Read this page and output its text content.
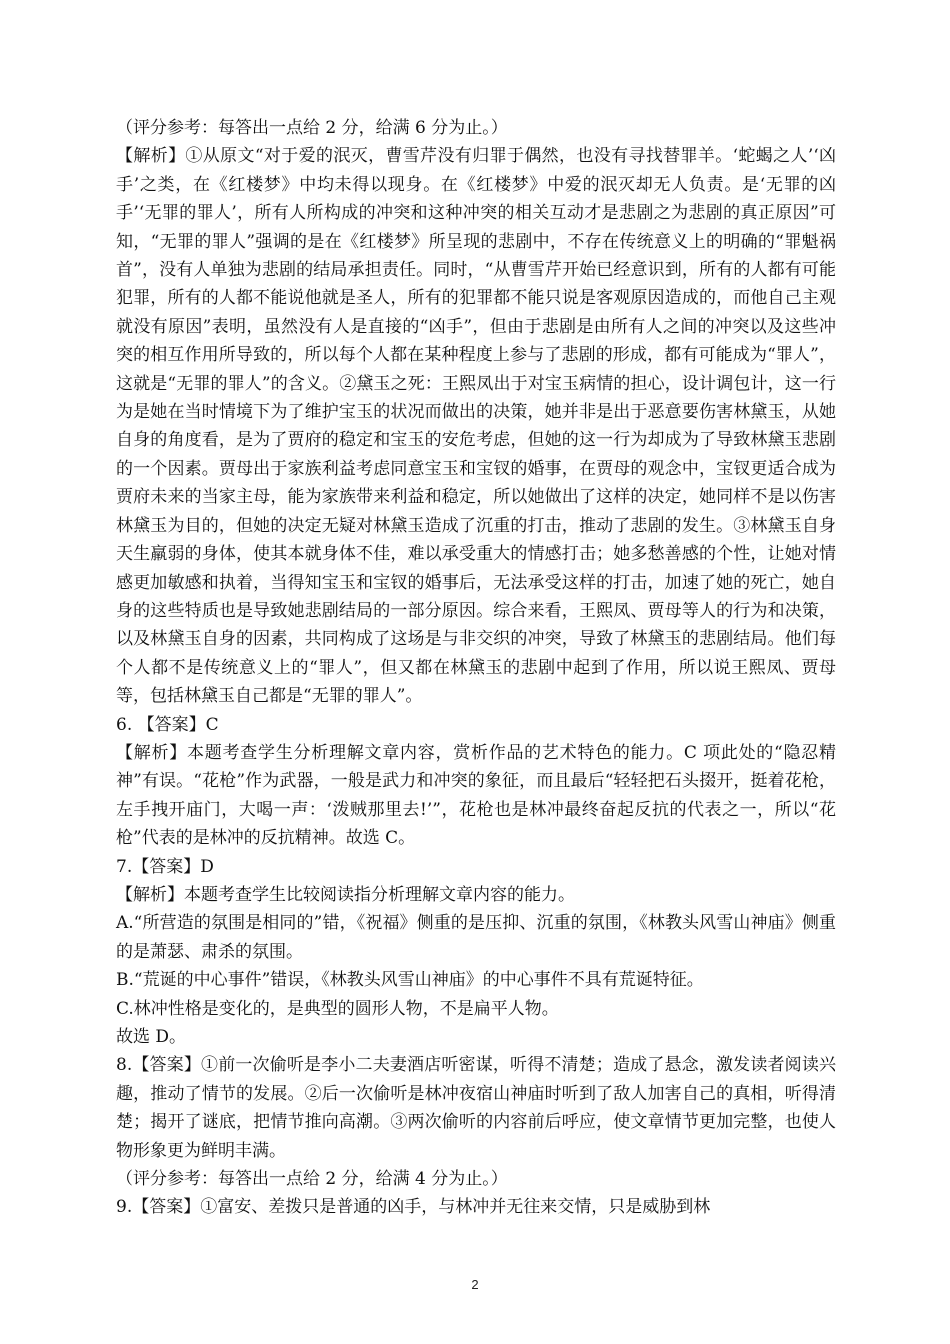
（评分参考：每答出一点给 2 分，给满 6 分为止。）

【解析】①从原文“对于爱的泯灭，曹雪芹没有归罪于偶然，也没有寻找替罪羊。‘蛇蝎之人’‘凶手’之类，在《红楼梦》中均未得以现身。在《红楼梦》中爱的泯灭却无人负责。是‘无罪的凶手’‘无罪的罪人’，所有人所构成的冲突和这种冲突的相关互动才是悲剧之为悲剧的真正原因”可知，“无罪的罪人”强调的是在《红楼梦》所呈现的悲剧中，不存在传统意义上的明确的“罪魁祸首”，没有人单独为悲剧的结局承担责任。同时，“从曹雪芹开始已经意识到，所有的人都有可能犯罪，所有的人都不能说他就是圣人，所有的犯罪都不能只说是客观原因造成的，而他自己主观就没有原因”表明，虽然没有人是直接的“凶手”，但由于悲剧是由所有人之间的冲突以及这些冲突的相互作用所导致的，所以每个人都在某种程度上参与了悲剧的形成，都有可能成为“罪人”，这就是“无罪的罪人”的含义。②黛玉之死：王熙凤出于对宝玉病情的担心，设计调包计，这一行为是她在当时情境下为了维护宝玉的状况而做出的决策，她并非是出于恶意要伤害林黛玉，从她自身的角度看，是为了贾府的稳定和宝玉的安危考虑，但她的这一行为却成为了导致林黛玉悲剧的一个因素。贾母出于家族利益考虑同意宝玉和宝钗的婚事，在贾母的观念中，宝钗更适合成为贾府未来的当家主母，能为家族带来利益和稳定，所以她做出了这样的决定，她同样不是以伤害林黛玉为目的，但她的决定无疑对林黛玉造成了沉重的打击，推动了悲剧的发生。③林黛玉自身天生羸弱的身体，使其本就身体不佳，难以承受重大的情感打击；她多愁善感的个性，让她对情感更加敏感和执着，当得知宝玉和宝钗的婚事后，无法承受这样的打击，加速了她的死亡，她自身的这些特质也是导致她悲剧结局的一部分原因。综合来看，王熙凤、贾母等人的行为和决策，以及林黛玉自身的因素，共同构成了这场是与非交织的冲突，导致了林黛玉的悲剧结局。他们每个人都不是传统意义上的“罪人”，但又都在林黛玉的悲剧中起到了作用，所以说王熙凤、贾母等，包括林黛玉自己都是“无罪的罪人”。

6. 【答案】C

【解析】本题考查学生分析理解文章内容，赏析作品的艺术特色的能力。C 项此处的“隐忍精神”有误。“花枪”作为武器，一般是武力和冲突的象征，而且最后“轻轻把石头掇开，挺着花枪，左手拽开庙门，大喝一声：‘泼贼那里去!’”，花枪也是林冲最终奋起反抗的代表之一，所以“花枪”代表的是林冲的反抗精神。故选 C。

7.【答案】D

【解析】本题考查学生比较阅读指分析理解文章内容的能力。

A.“所营造的氛围是相同的”错，《祝福》侧重的是压抑、沉重的氛围，《林教头风雪山神庙》侧重的是萧瑟、肃杀的氛围。

B.“荒诞的中心事件”错误，《林教头风雪山神庙》的中心事件不具有荒诞特征。

C.林冲性格是变化的，是典型的圆形人物，不是扁平人物。

故选 D。

8.【答案】①前一次偷听是李小二夫妻酒店听密谋，听得不清楚；造成了悬念，激发读者阅读兴趣，推动了情节的发展。②后一次偷听是林冲夜宿山神庙时听到了敌人加害自己的真相，听得清楚；揭开了谜底，把情节推向高潮。③两次偷听的内容前后呼应，使文章情节更加完整，也使人物形象更为鲜明丰满。

（评分参考：每答出一点给 2 分，给满 4 分为止。）

9.【答案】①富安、差拨只是普通的凶手，与林冲并无往来交情，只是威胁到林

2
